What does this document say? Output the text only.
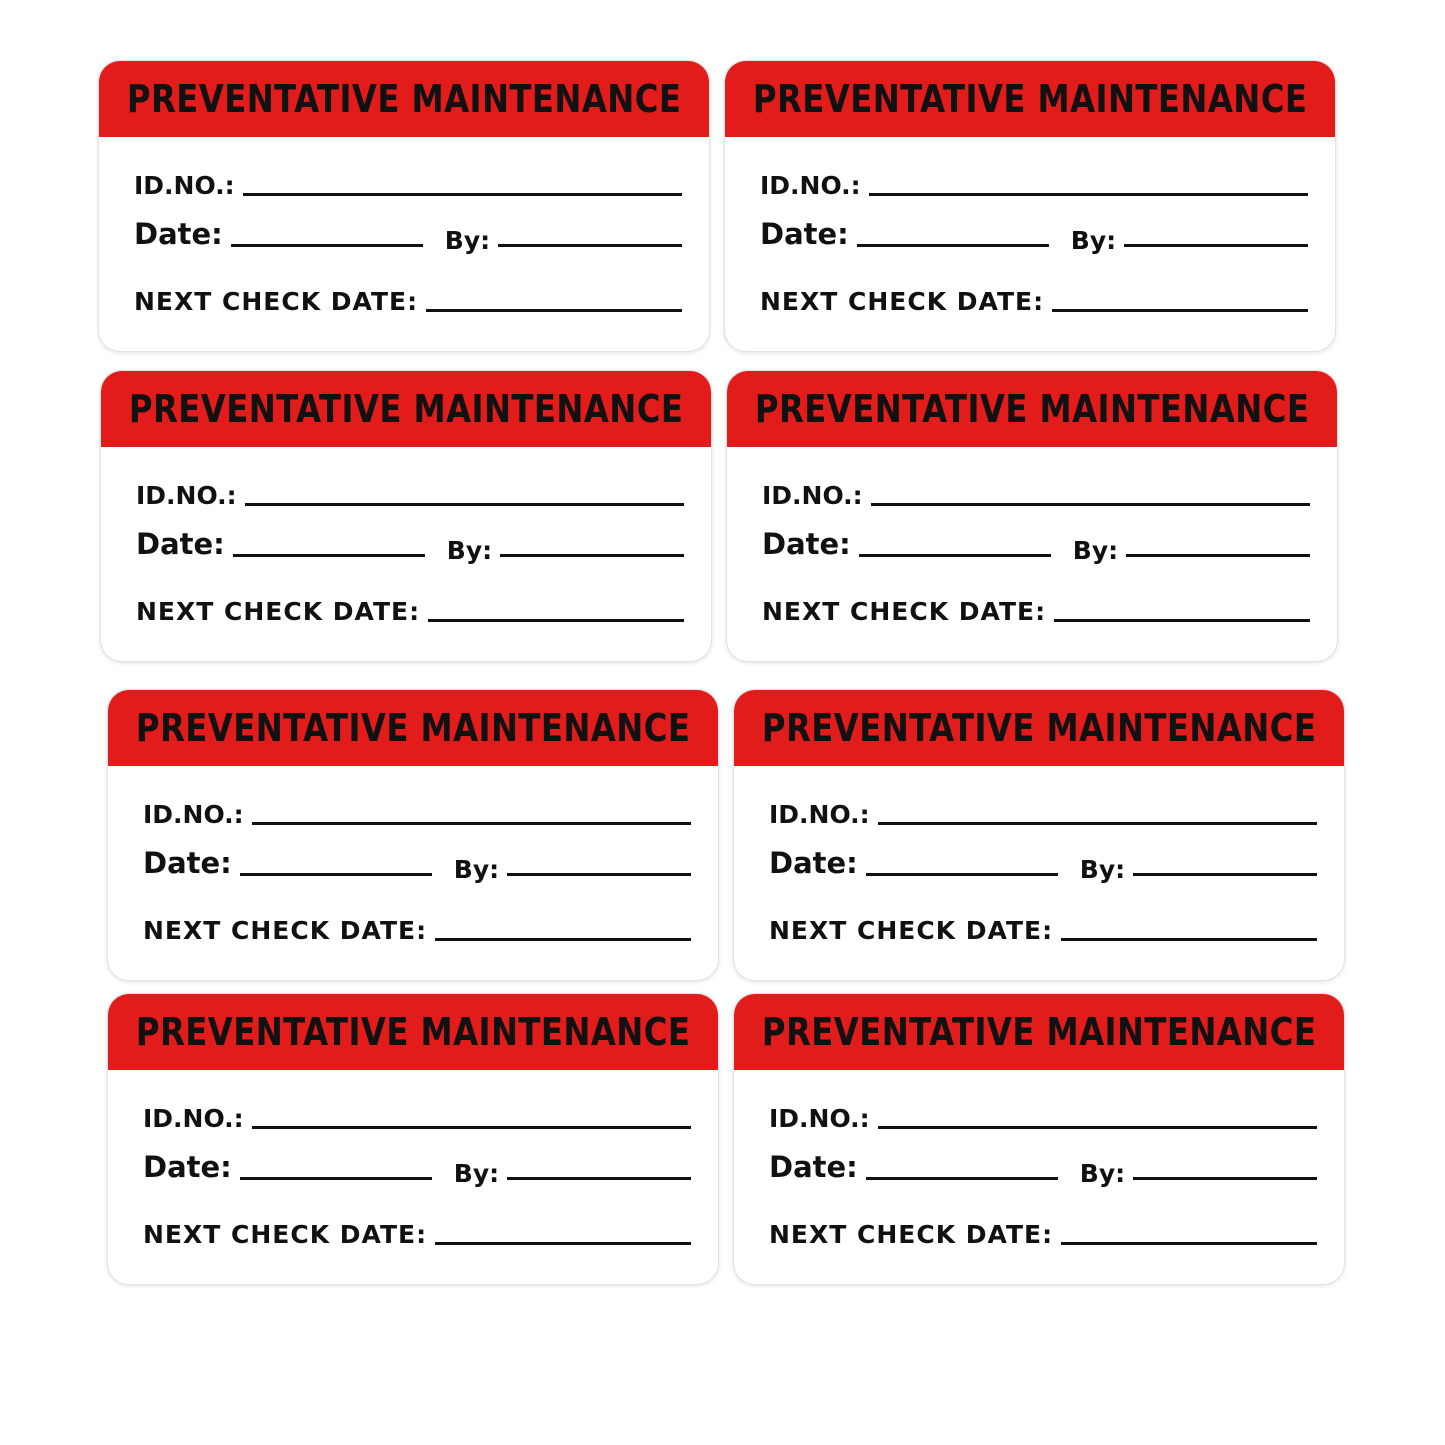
PREVENTATIVE MAINTENANCE
ID.NO.:
Date:	By:
NEXT CHECK DATE:
PREVENTATIVE MAINTENANCE
ID.NO.:
Date:	By:
NEXT CHECK DATE:
PREVENTATIVE MAINTENANCE
ID.NO.:
Date:	By:
NEXT CHECK DATE:
PREVENTATIVE MAINTENANCE
ID.NO.:
Date:	By:
NEXT CHECK DATE:
PREVENTATIVE MAINTENANCE
ID.NO.:
Date:	By:
NEXT CHECK DATE:
PREVENTATIVE MAINTENANCE
ID.NO.:
Date:	By:
NEXT CHECK DATE:
PREVENTATIVE MAINTENANCE
ID.NO.:
Date:	By:
NEXT CHECK DATE:
PREVENTATIVE MAINTENANCE
ID.NO.:
Date:	By:
NEXT CHECK DATE:
